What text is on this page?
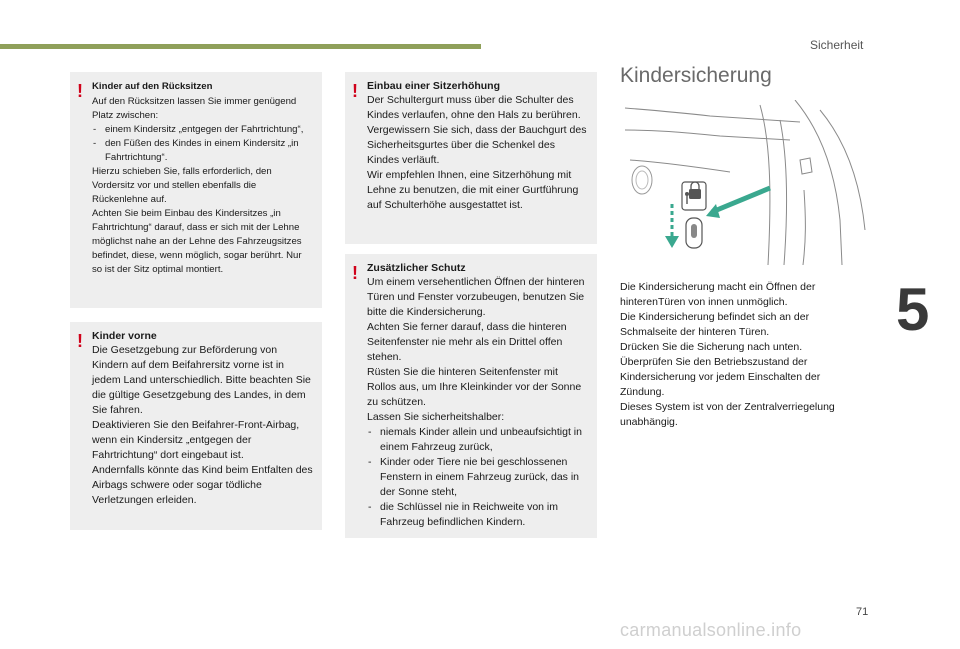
Sicherheit
5
! Kinder auf den Rücksitzen

Auf den Rücksitzen lassen Sie immer genügend Platz zwischen:

- einem Kindersitz „entgegen der Fahrtrichtung“,
- den Füßen des Kindes in einem Kindersitz „in Fahrtrichtung“.

Hierzu schieben Sie, falls erforderlich, den Vordersitz vor und stellen ebenfalls die Rückenlehne auf.

Achten Sie beim Einbau des Kindersitzes „in Fahrtrichtung“ darauf, dass er sich mit der Lehne möglichst nahe an der Lehne des Fahrzeugsitzes befindet, diese, wenn möglich, sogar berührt. Nur so ist der Sitz optimal montiert.

! Kinder vorne

Die Gesetzgebung zur Beförderung von Kindern auf dem Beifahrersitz vorne ist in jedem Land unterschiedlich. Bitte beachten Sie die gültige Gesetzgebung des Landes, in dem Sie fahren.

Deaktivieren Sie den Beifahrer-Front-Airbag, wenn ein Kindersitz „entgegen der Fahrtrichtung“ dort eingebaut ist.

Andernfalls könnte das Kind beim Entfalten des Airbags schwere oder sogar tödliche Verletzungen erleiden.

! Einbau einer Sitzerhöhung

Der Schultergurt muss über die Schulter des Kindes verlaufen, ohne den Hals zu berühren.

Vergewissern Sie sich, dass der Bauchgurt des Sicherheitsgurtes über die Schenkel des Kindes verläuft.

Wir empfehlen Ihnen, eine Sitzerhöhung mit Lehne zu benutzen, die mit einer Gurtführung auf Schulterhöhe ausgestattet ist.

! Zusätzlicher Schutz

Um einem versehentlichen Öffnen der hinteren Türen und Fenster vorzubeugen, benutzen Sie bitte die Kindersicherung.

Achten Sie ferner darauf, dass die hinteren Seitenfenster nie mehr als ein Drittel offen stehen.

Rüsten Sie die hinteren Seitenfenster mit Rollos aus, um Ihre Kleinkinder vor der Sonne zu schützen.

Lassen Sie sicherheitshalber:

- niemals Kinder allein und unbeaufsichtigt in einem Fahrzeug zurück,
- Kinder oder Tiere nie bei geschlossenen Fenstern in einem Fahrzeug zurück, das in der Sonne steht,
- die Schlüssel nie in Reichweite von im Fahrzeug befindlichen Kindern.
Kindersicherung

Die Kindersicherung macht ein Öffnen der hinterenTüren von innen unmöglich.

Die Kindersicherung befindet sich an der Schmalseite der hinteren Türen.

Drücken Sie die Sicherung nach unten.

Überprüfen Sie den Betriebszustand der Kindersicherung vor jedem Einschalten der Zündung.

Dieses System ist von der Zentralverriegelung unabhängig.

71
carmanualsonline.info
